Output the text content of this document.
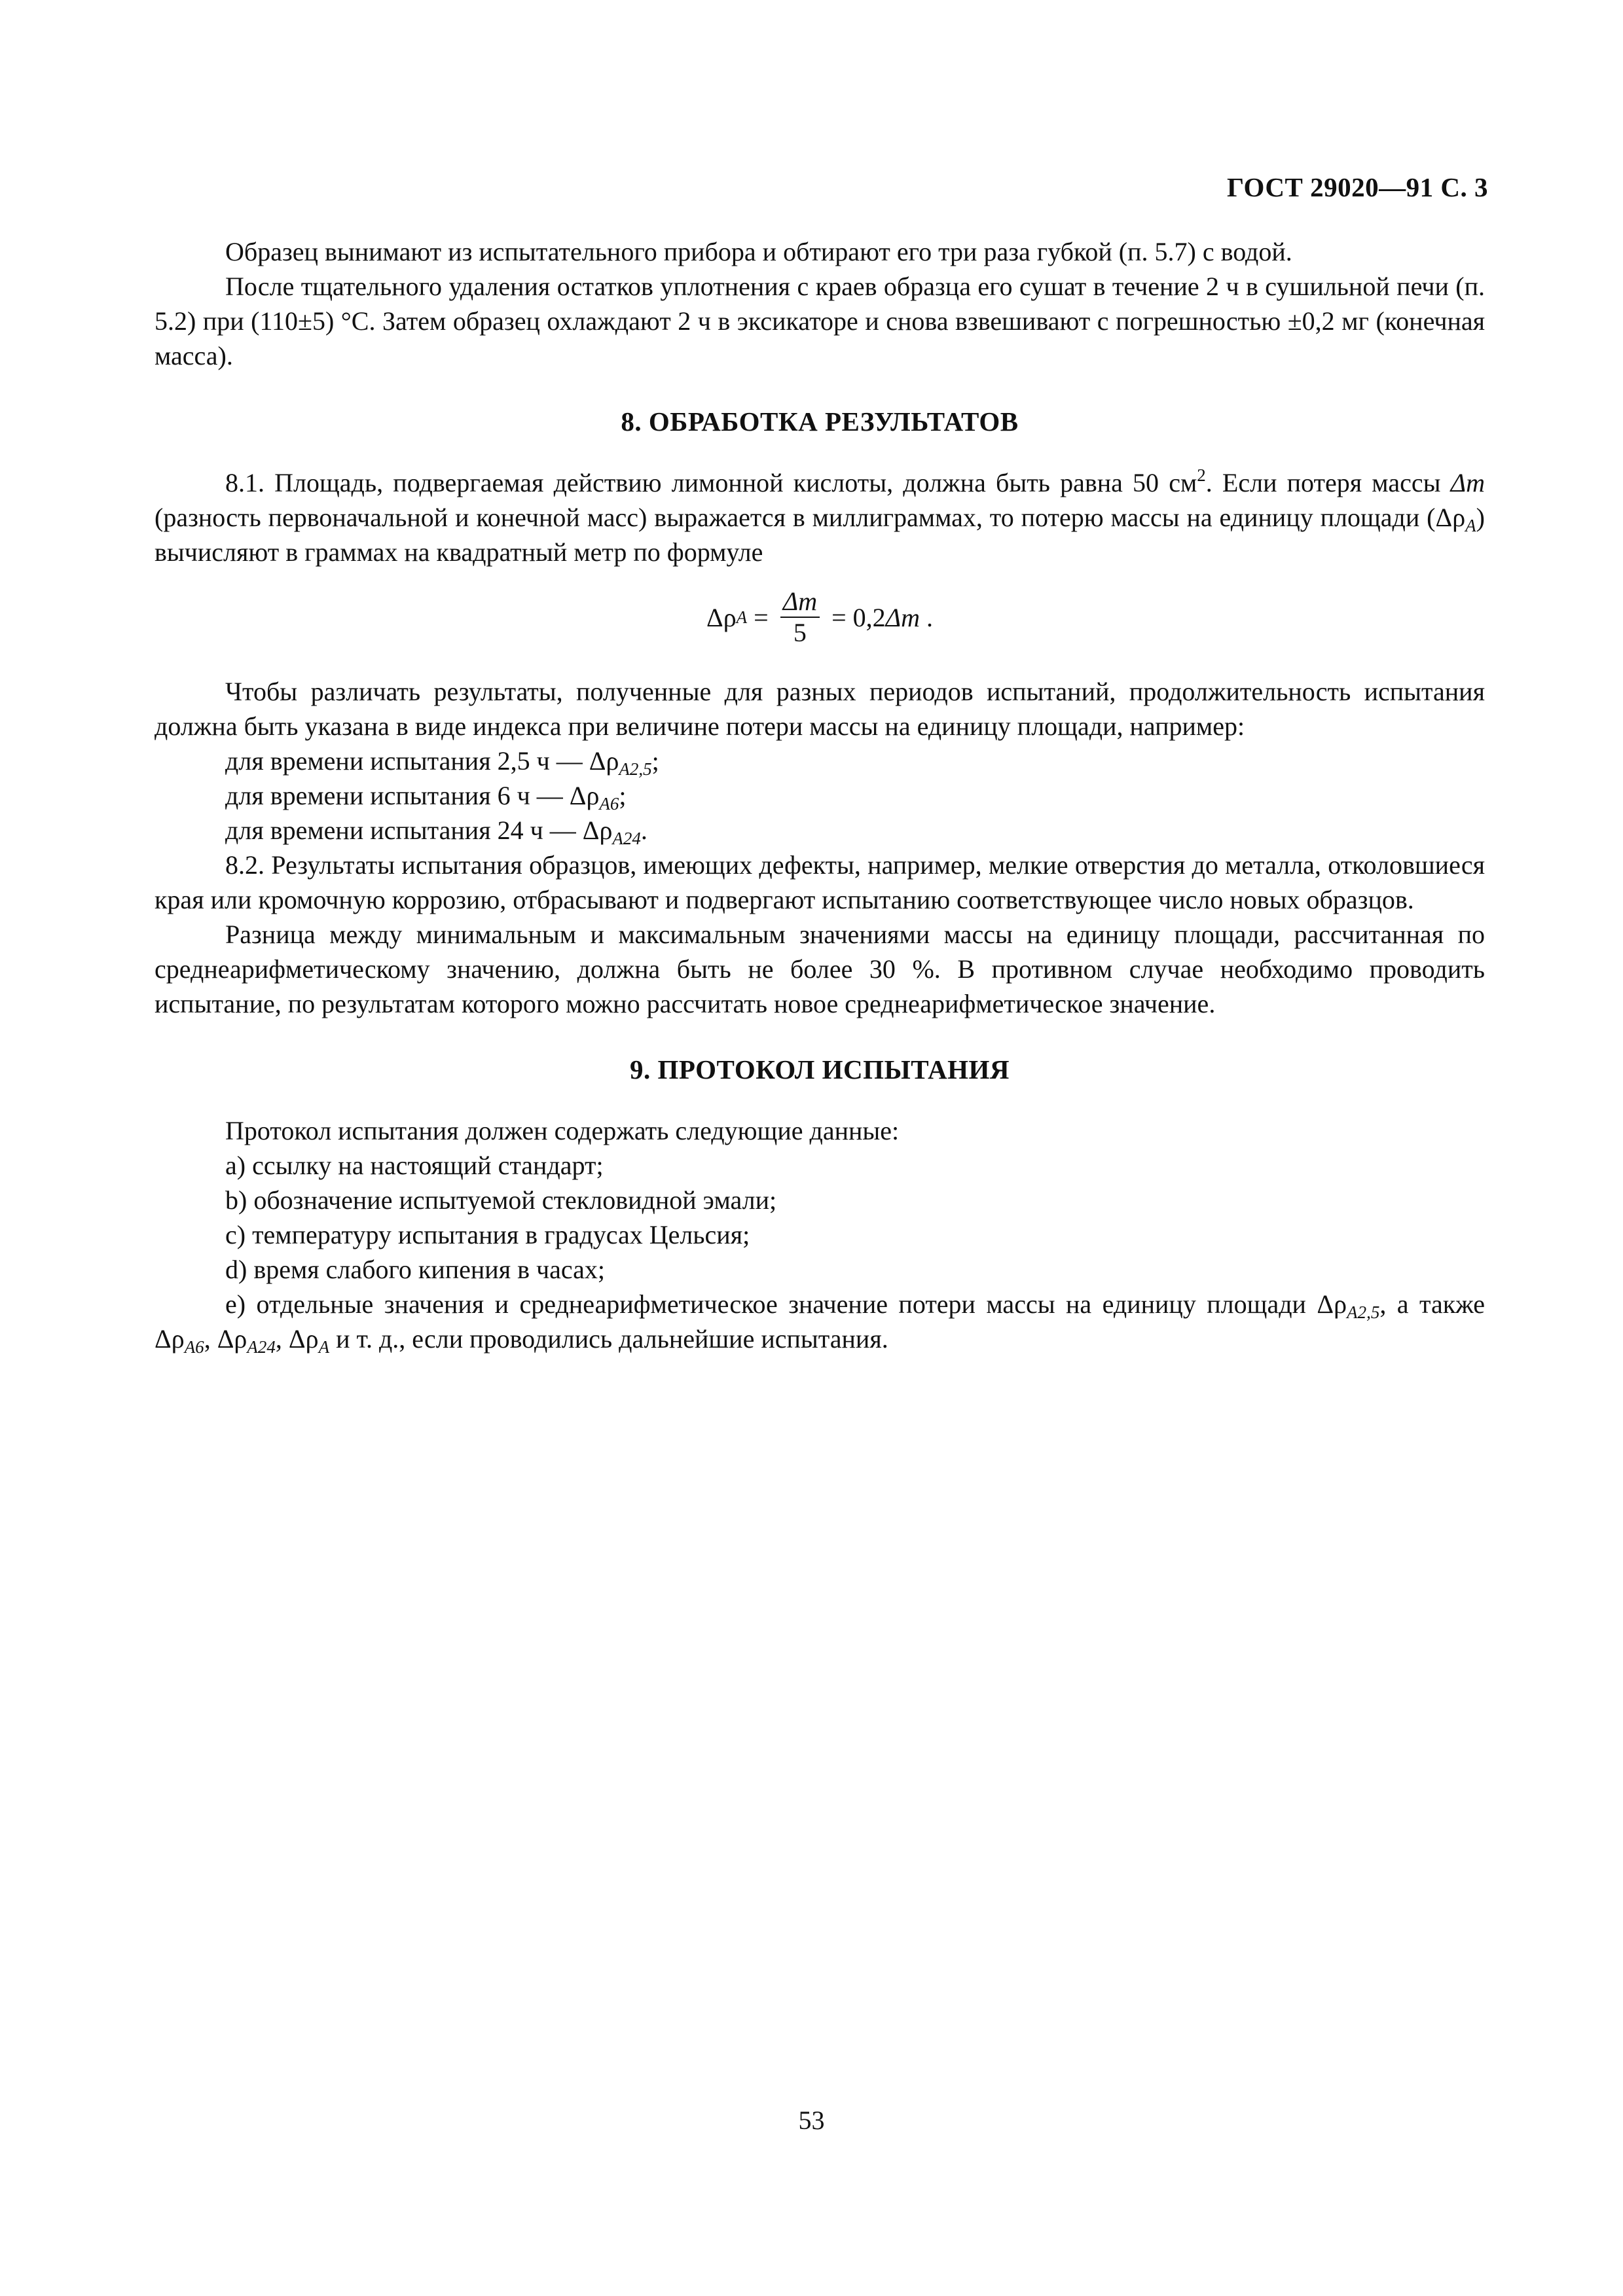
ГОСТ 29020—91 С. 3

Образец вынимают из испытательного прибора и обтирают его три раза губкой (п. 5.7) с водой.

После тщательного удаления остатков уплотнения с краев образца его сушат в течение 2 ч в сушильной печи (п. 5.2) при (110±5) °С. Затем образец охлаждают 2 ч в эксикаторе и снова взвешивают с погрешностью ±0,2 мг (конечная масса).

8. ОБРАБОТКА РЕЗУЛЬТАТОВ

8.1. Площадь, подвергаемая действию лимонной кислоты, должна быть равна 50 $см^2$. Если потеря массы Δm (разность первоначальной и конечной масс) выражается в миллиграммах, то потерю массы на единицу площади $(\Delta\rho_A)$ вычисляют в граммах на квадратный метр по формуле

Δρ $A = \frac{\Delta m}{5} = 0,2$ Δm .

Чтобы различать результаты, полученные для разных периодов испытаний, продолжительность испытания должна быть указана в виде индекса при величине потери массы на единицу площади, например:

для времени испытания 2,5 ч — $\Delta\rho_{A2,5}$;

для времени испытания 6 ч — $\Delta\rho_{A6}$;

для времени испытания 24 ч — $\Delta\rho_{A24}$.

8.2. Результаты испытания образцов, имеющих дефекты, например, мелкие отверстия до металла, отколовшиеся края или кромочную коррозию, отбрасывают и подвергают испытанию соответствующее число новых образцов.

Разница между минимальным и максимальным значениями массы на единицу площади, рассчитанная по среднеарифметическому значению, должна быть не более 30 %. В противном случае необходимо проводить испытание, по результатам которого можно рассчитать новое среднеарифметическое значение.

9. ПРОТОКОЛ ИСПЫТАНИЯ

Протокол испытания должен содержать следующие данные:

a) ссылку на настоящий стандарт;

b) обозначение испытуемой стекловидной эмали;

c) температуру испытания в градусах Цельсия;

d) время слабого кипения в часах;

e) отдельные значения и среднеарифметическое значение потери массы на единицу площади $\Delta\rho_{A2,5}$, а также $\Delta\rho_{A6}$, $\Delta\rho_{A24}$, $\Delta\rho_A$ и т. д., если проводились дальнейшие испытания.

53
